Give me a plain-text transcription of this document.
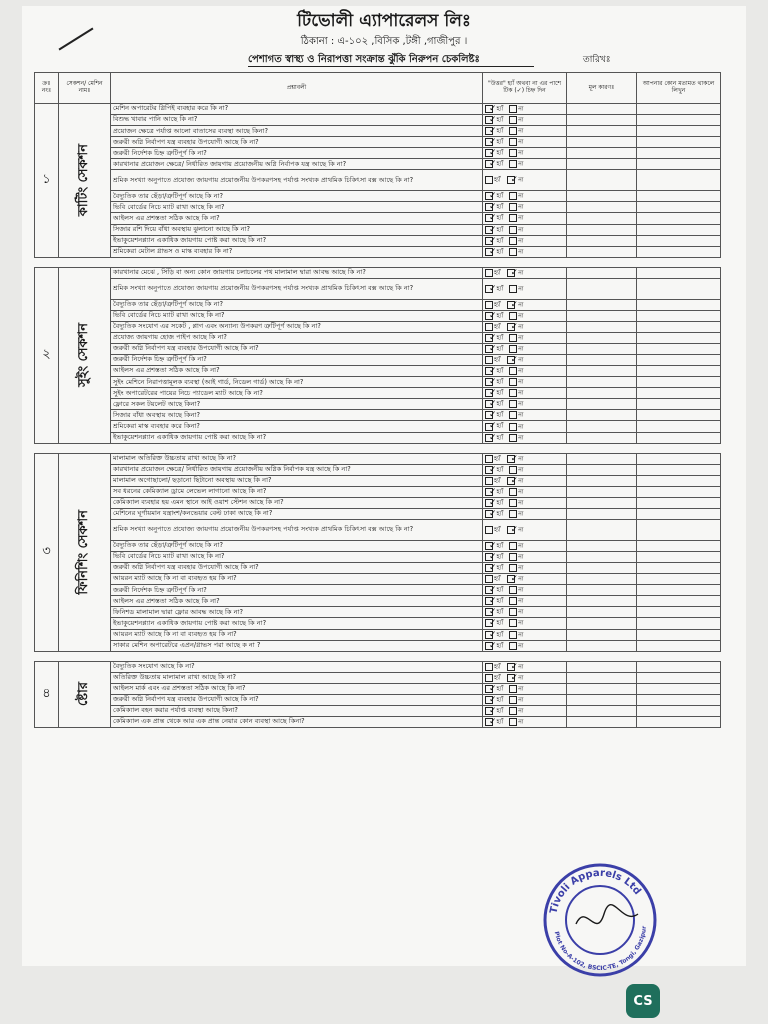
টিভোলী এ্যাপারেলস লিঃ
ঠিকানা : এ-১০২ ,বিসিক ,টঙ্গী ,গাজীপুর ।
পেশাগত স্বাস্থ্য ও নিরাপত্তা সংক্রান্ত ঝুঁকি নিরুপন চেকলিষ্টঃ	তারিখঃ
ক্রঃ নংঃ	সেকশন/ মেশিন নামঃ	প্রশ্নাবলী	"উত্তর" হ্যাঁ অথবা না এর পাশে টিক (✓) চিহ্ন দিন	মূল কারণঃ	আপনার কোন মতামত থাকলে লিখুন
১	কাটিং সেকশন	মেশিন অপারেটর গ্লিপিই ব্যবহার করে কি না?	✓হ্যাঁ না		
		বিশুদ্ধ খাবার পানি আছে কি না?	✓হ্যাঁ না		
		প্রয়োজন ক্ষেত্রে পর্যাপ্ত আলো বাতাসের ব্যবস্থা আছে কিনা?	✓হ্যাঁ না		
		জরুরী অগ্নি নির্বাপণ যন্ত্র ব্যবহার উপযোগী আছে কি না?	✓হ্যাঁ না		
		জরুরী নির্দেশক চিহ্ন ত্রুটিপূর্ণ কি না?	✓হ্যাঁ না		
		কারখানার প্রয়োজন ক্ষেত্রে/ নির্ধারিত জায়গায় প্রয়োজনীয় অগ্নি নির্বাপক যন্ত্র আছে কি না?	✓হ্যাঁ না		
		শ্রমিক সংখ্যা অনুপাতে প্রযোজ্য জায়গায় প্রয়োজনীয় উপকরণসহ পর্যাপ্ত সংখ্যক প্রাথমিক চিকিৎসা বক্স আছে কি না?	হ্যাঁ ✓না		
		বৈদ্যুতিক তার ছেঁড়া/ত্রুটিপূর্ণ আছে কি না?	✓হ্যাঁ না		
		ভিবি বোর্ডের নিচে ম্যাট রাখা আছে কি না?	✓হ্যাঁ না		
		আইলস এর প্রশস্ততা সঠিক আছে কি না?	✓হ্যাঁ না		
		সিজার রশি দিয়ে বাঁধা অবস্থায় ঝুলানো আছে কি না?	✓হ্যাঁ না		
		ইভাকুয়েশনপ্ল্যান একাধিক জায়গায় পোষ্ট করা আছে কি না?	✓হ্যাঁ না		
		শ্রমিকেরা মেটাল গ্লাভস ও মাস্ক ব্যবহার কি না?	✓হ্যাঁ না		

২	সুইং সেকশন	কারখানার মেঝে , সিঁড়ি বা অন্য কোন জায়গায় চলাচলের পথ মালামাল দ্বারা আবদ্ধ আছে কি না?	হ্যাঁ ✓না		
		শ্রমিক সংখ্যা অনুপাতে প্রযোজ্য জায়গায় প্রয়োজনীয় উপকরণসহ পর্যাপ্ত সংখ্যক প্রাথমিক চিকিৎসা বক্স আছে কি না?	✓হ্যাঁ না		
		বৈদ্যুতিক তার ছেঁড়া/ত্রুটিপূর্ণ আছে কি না?	হ্যাঁ ✓না		
		ভিবি বোর্ডের নিচে ম্যাট রাখা আছে কি না?	✓হ্যাঁ না		
		বৈদ্যুতিক সংযোগ এর সকেট , প্লাগ এবং অন্যান্য উপকরণ ত্রুটিপূর্ণ আছে কি না?	হ্যাঁ ✓না		
		প্রযোজ্য জায়গায় হোজ পাইপ আছে কি না?	✓হ্যাঁ না		
		জরুরী অগ্নি নির্বাপণ যন্ত্র ব্যবহার উপযোগী আছে কি না?	✓হ্যাঁ না		
		জরুরী নির্দেশক চিহ্ন ত্রুটিপূর্ণ কি না?	হ্যাঁ ✓না		
		আইলস এর প্রশস্ততা সঠিক আছে কি না?	✓হ্যাঁ না		
		সুইং মেশিনে নিরাপত্তামূলক ব্যবস্থা (আই গার্ড, নিডেল গার্ড) আছে কি না?	✓হ্যাঁ না		
		সুইং অপারেটরের পায়ের নিচে প্যাডেল ম্যাট আছে কি না?	✓হ্যাঁ না		
		ফ্লোরে সকল টয়লেট আছে কিনা?	✓হ্যাঁ না		
		সিজার বাঁধা অবস্থায় আছে কিনা?	✓হ্যাঁ না		
		শ্রমিকেরা মাস্ক ব্যবহার করে কিনা?	✓হ্যাঁ না		
		ইভাকুয়েশনপ্ল্যান একাধিক জায়গায় পোষ্ট করা আছে কি না?	✓হ্যাঁ না		

৩	ফিনিশিং সেকশন	মালামাল অতিরিক্ত উচ্চতায় রাখা আছে কি না?	হ্যাঁ ✓না		
		কারখানার প্রয়োজন ক্ষেত্রে/ নির্ধারিত জায়গায় প্রয়োজনীয় অগ্নিক নির্বাপক যন্ত্র আছে কি না?	✓হ্যাঁ না		
		মালামাল অগোছালো/ ছড়ানো ছিটানো অবস্থায় আছে কি না?	হ্যাঁ ✓না		
		সব ধরনের কেমিক্যাল ড্রামে লেভেল লাগানো আছে কি না?	✓হ্যাঁ না		
		কেমিক্যাল ব্যবহার হয় এমন স্থানে আই ওয়াশ স্টেশন আছে কি না?	✓হ্যাঁ না		
		মেশিনের ঘূর্ণায়মান যন্ত্রাংশ/কনভেয়ার বেল্ট ঢাকা আছে কি না?	✓হ্যাঁ না		
		শ্রমিক সংখ্যা অনুপাতে প্রযোজ্য জায়গায় প্রয়োজনীয় উপকরণসহ পর্যাপ্ত সংখ্যক প্রাথমিক চিকিৎসা বক্স আছে কি না?	হ্যাঁ ✓না		
		বৈদ্যুতিক তার ছেঁড়া/ত্রুটিপূর্ণ আছে কি না?	✓হ্যাঁ না		
		ভিবি বোর্ডের নিচে ম্যাট রাখা আছে কি না?	✓হ্যাঁ না		
		জরুরী অগ্নি নির্বাপণ যন্ত্র ব্যবহার উপযোগী আছে কি না?	✓হ্যাঁ না		
		আয়রন ম্যাট আছে কি না বা ব্যবহৃত হয় কি না?	হ্যাঁ ✓না		
		জরুরী নির্দেশক চিহ্ন ত্রুটিপূর্ণ কি না?	✓হ্যাঁ না		
		আইলস এর প্রশস্ততা সঠিক আছে কি না?	✓হ্যাঁ না		
		ফিনিশড মালামাল দ্বারা ফ্লোর আবদ্ধ আছে কি না?	✓হ্যাঁ না		
		ইভাকুয়েশনপ্ল্যান একাধিক জায়গায় পোষ্ট করা আছে কি না?	✓হ্যাঁ না		
		আয়রন ম্যাট আছে কি না বা ব্যবহৃত হয় কি না?	✓হ্যাঁ না		
		সাকার মেশিন অপারেটরে এপ্রন/গ্লাভস পরা আছে ক না ?	✓হ্যাঁ না		

৪	ষ্টোর	বৈদ্যুতিক সংযোগ আছে কি না?	হ্যাঁ ✓না		
		অতিরিক্ত উচ্চতায় মালামাল রাখা আছে কি না?	হ্যাঁ ✓না		
		আইলস মার্ক এবং এর প্রশস্ততা সঠিক আছে কি না?	✓হ্যাঁ না		
		জরুরী অগ্নি নির্বাপণ যন্ত্র ব্যবহার উপযোগী আছে কি না?	✓হ্যাঁ না		
		কেমিক্যাল বহন করার পর্যাপ্ত ব্যবস্থা আছে কিনা?	✓হ্যাঁ না		
		কেমিক্যাল এক প্রান্ত থেকে আর এক প্রান্ত নেয়ার কোন ব্যবস্থা আছে কিনা?	✓হ্যাঁ না		
Tivoli Apparels Ltd
Plot No-A-102, BSCIC-TE, Tongi, Gazipur
CS
